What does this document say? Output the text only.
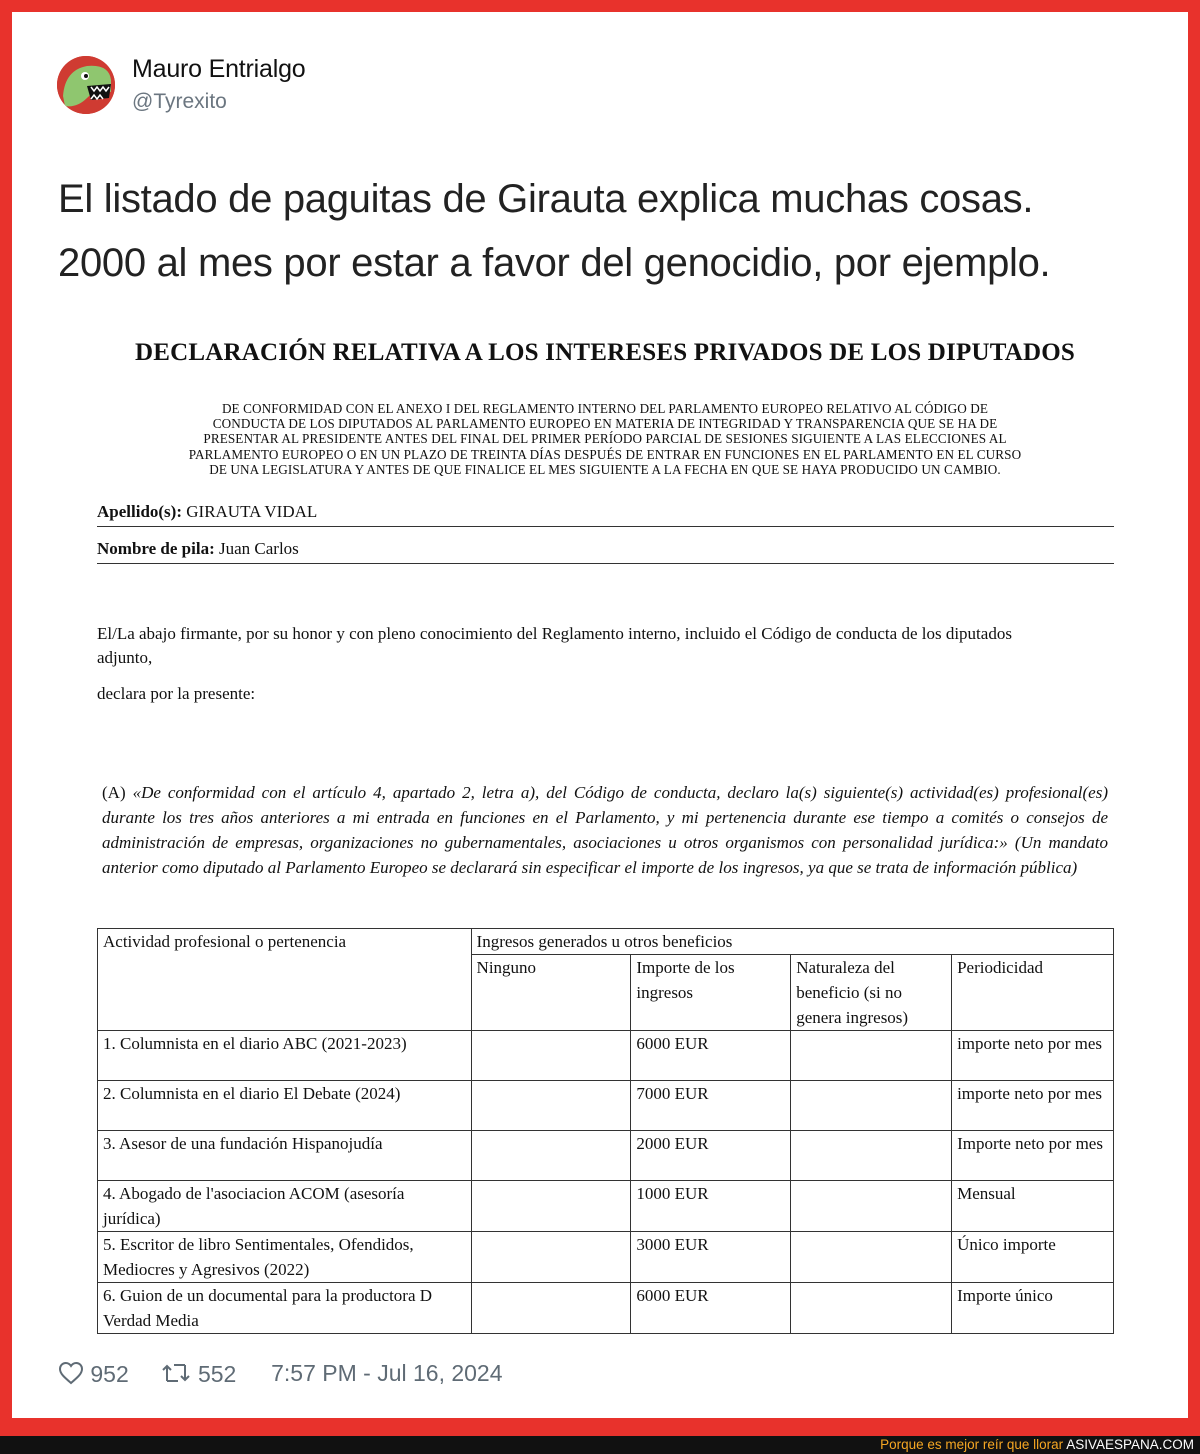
Mauro Entrialgo
@Tyrexito
El listado de paguitas de Girauta explica muchas cosas.
2000 al mes por estar a favor del genocidio, por ejemplo.
DECLARACIÓN RELATIVA A LOS INTERESES PRIVADOS DE LOS DIPUTADOS
DE CONFORMIDAD CON EL ANEXO I DEL REGLAMENTO INTERNO DEL PARLAMENTO EUROPEO RELATIVO AL CÓDIGO DE
CONDUCTA DE LOS DIPUTADOS AL PARLAMENTO EUROPEO EN MATERIA DE INTEGRIDAD Y TRANSPARENCIA QUE SE HA DE
PRESENTAR AL PRESIDENTE ANTES DEL FINAL DEL PRIMER PERÍODO PARCIAL DE SESIONES SIGUIENTE A LAS ELECCIONES AL
PARLAMENTO EUROPEO O EN UN PLAZO DE TREINTA DÍAS DESPUÉS DE ENTRAR EN FUNCIONES EN EL PARLAMENTO EN EL CURSO
DE UNA LEGISLATURA Y ANTES DE QUE FINALICE EL MES SIGUIENTE A LA FECHA EN QUE SE HAYA PRODUCIDO UN CAMBIO.
Apellido(s): GIRAUTA VIDAL
Nombre de pila: Juan Carlos
El/La abajo firmante, por su honor y con pleno conocimiento del Reglamento interno, incluido el Código de conducta de los diputados
adjunto,
declara por la presente:
(A) «De conformidad con el artículo 4, apartado 2, letra a), del Código de conducta, declaro la(s) siguiente(s) actividad(es) profesional(es) durante los tres años anteriores a mi entrada en funciones en el Parlamento, y mi pertenencia durante ese tiempo a comités o consejos de administración de empresas, organizaciones no gubernamentales, asociaciones u otros organismos con personalidad jurídica:» (Un mandato anterior como diputado al Parlamento Europeo se declarará sin especificar el importe de los ingresos, ya que se trata de información pública)
Actividad profesional o pertenencia	Ingresos generados u otros beneficios			
	Ninguno	Importe de los ingresos	Naturaleza del beneficio (si no genera ingresos)	Periodicidad
1. Columnista en el diario ABC (2021-2023)		6000 EUR		importe neto por mes
2. Columnista en el diario El Debate (2024)		7000 EUR		importe neto por mes
3. Asesor de una fundación Hispanojudía		2000 EUR		Importe neto por mes
4. Abogado de l'asociacion ACOM (asesoría jurídica)		1000 EUR		Mensual
5. Escritor de libro Sentimentales, Ofendidos, Mediocres y Agresivos (2022)		3000 EUR		Único importe
6. Guion de un documental para la productora D Verdad Media		6000 EUR		Importe único
952	552 7:57 PM - Jul 16, 2024
Porque es mejor reír que llorar ASIVAESPANA.COM
